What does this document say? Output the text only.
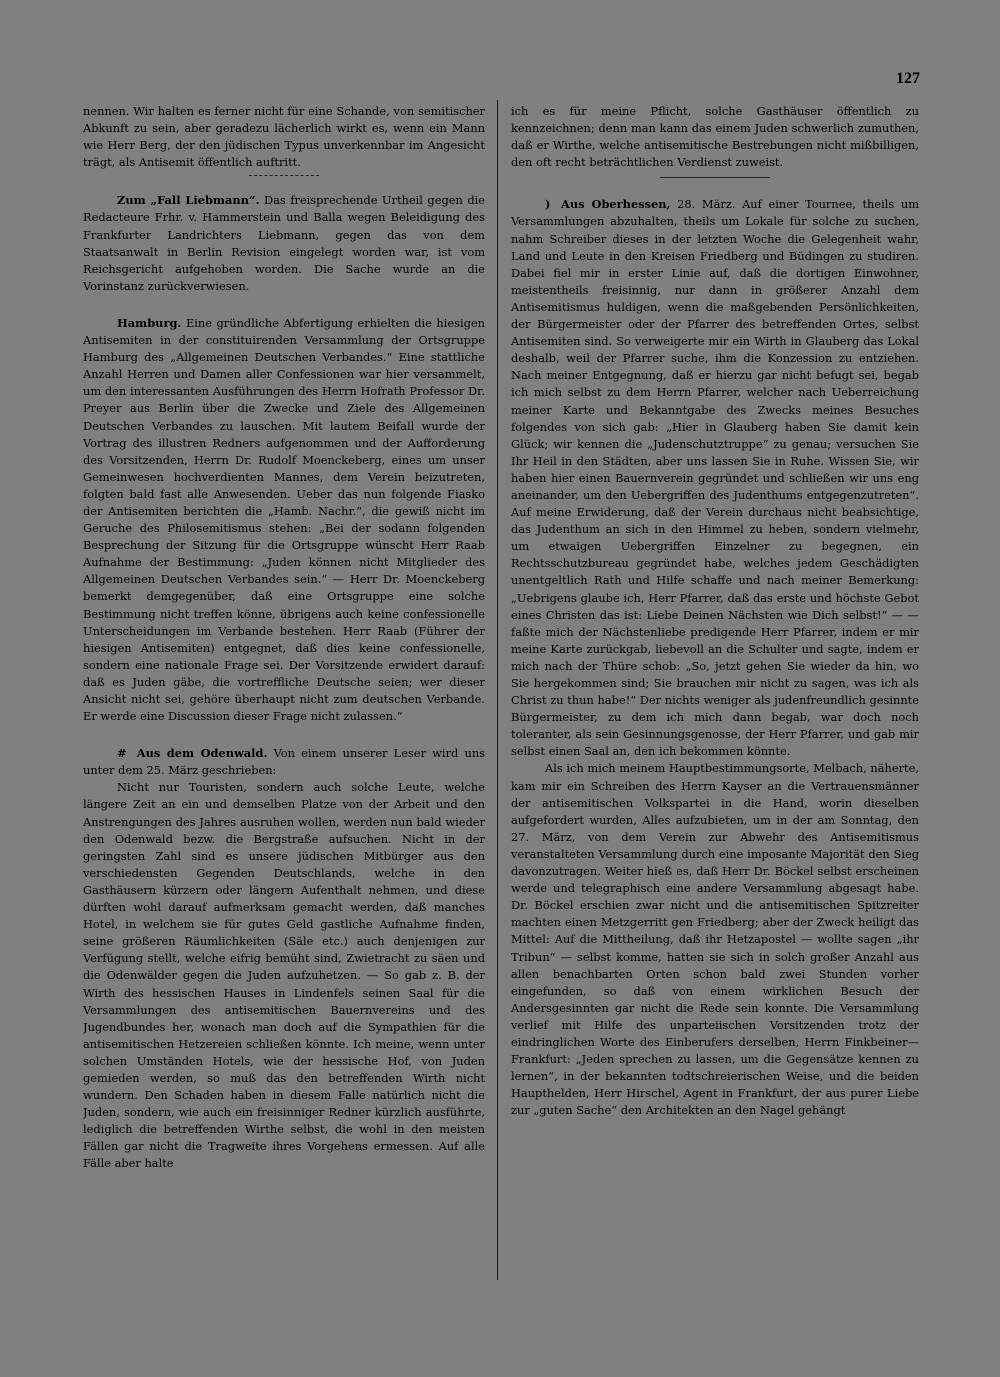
127

nennen. Wir halten es ferner nicht für eine Schande, von semitischer Abkunft zu sein, aber geradezu lächerlich wirkt es, wenn ein Mann wie Herr Berg, der den jüdischen Typus unverkennbar im Angesicht trägt, als Antisemit öffentlich auftritt.

Zum „Fall Liebmann“. Das freisprechende Urtheil gegen die Redacteure Frhr. v. Hammerstein und Balla wegen Beleidigung des Frankfurter Landrichters Liebmann, gegen das von dem Staatsanwalt in Berlin Revision eingelegt worden war, ist vom Reichsgericht aufgehoben worden. Die Sache wurde an die Vorinstanz zurückverwiesen.

Hamburg. Eine gründliche Abfertigung erhielten die hiesigen Antisemiten in der constituirenden Versammlung der Ortsgruppe Hamburg des „Allgemeinen Deutschen Verbandes.“ Eine stattliche Anzahl Herren und Damen aller Confessionen war hier versammelt, um den interessanten Ausführungen des Herrn Hofrath Professor Dr. Preyer aus Berlin über die Zwecke und Ziele des Allgemeinen Deutschen Verbandes zu lauschen. Mit lautem Beifall wurde der Vortrag des illustren Redners aufgenommen und der Aufforderung des Vorsitzenden, Herrn Dr. Rudolf Moenckeberg, eines um unser Gemeinwesen hochverdienten Mannes, dem Verein beizutreten, folgten bald fast alle Anwesenden. Ueber das nun folgende Fiasko der Antisemiten berichten die „Hamb. Nachr.“, die gewiß nicht im Geruche des Philosemitismus stehen: „Bei der sodann folgenden Besprechung der Sitzung für die Ortsgruppe wünscht Herr Raab Aufnahme der Bestimmung: „Juden können nicht Mitglieder des Allgemeinen Deutschen Verbandes sein.“ — Herr Dr. Moenckeberg bemerkt demgegenüber, daß eine Ortsgruppe eine solche Bestimmung nicht treffen könne, übrigens auch keine confessionelle Unterscheidungen im Verbande bestehen. Herr Raab (Führer der hiesigen Antisemiten) entgegnet, daß dies keine confessionelle, sondern eine nationale Frage sei. Der Vorsitzende erwidert darauf: daß es Juden gäbe, die vortreffliche Deutsche seien; wer dieser Ansicht nicht sei, gehöre überhaupt nicht zum deutschen Verbande. Er werde eine Discussion dieser Frage nicht zulassen.“

# Aus dem Odenwald. Von einem unserer Leser wird uns unter dem 25. März geschrieben:

Nicht nur Touristen, sondern auch solche Leute, welche längere Zeit an ein und demselben Platze von der Arbeit und den Anstrengungen des Jahres ausruhen wollen, werden nun bald wieder den Odenwald bezw. die Bergstraße aufsuchen. Nicht in der geringsten Zahl sind es unsere jüdischen Mitbürger aus den verschiedensten Gegenden Deutschlands, welche in den Gasthäusern kürzern oder längern Aufenthalt nehmen, und diese dürften wohl darauf aufmerksam gemacht werden, daß manches Hotel, in welchem sie für gutes Geld gastliche Aufnahme finden, seine größeren Räumlichkeiten (Säle etc.) auch denjenigen zur Verfügung stellt, welche eifrig bemüht sind, Zwietracht zu säen und die Odenwälder gegen die Juden aufzuhetzen. — So gab z. B. der Wirth des hessischen Hauses in Lindenfels seinen Saal für die Versammlungen des antisemitischen Bauernvereins und des Jugendbundes her, wonach man doch auf die Sympathien für die antisemitischen Hetzereien schließen könnte. Ich meine, wenn unter solchen Umständen Hotels, wie der hessische Hof, von Juden gemieden werden, so muß das den betreffenden Wirth nicht wundern. Den Schaden haben in diesem Falle natürlich nicht die Juden, sondern, wie auch ein freisinniger Redner kürzlich ausführte, lediglich die betreffenden Wirthe selbst, die wohl in den meisten Fällen gar nicht die Tragweite ihres Vorgehens ermessen. Auf alle Fälle aber halte

ich es für meine Pflicht, solche Gasthäuser öffentlich zu kennzeichnen; denn man kann das einem Juden schwerlich zumuthen, daß er Wirthe, welche antisemitische Bestrebungen nicht mißbilligen, den oft recht beträchtlichen Verdienst zuweist.

) Aus Oberhessen, 28. März. Auf einer Tournee, theils um Versammlungen abzuhalten, theils um Lokale für solche zu suchen, nahm Schreiber dieses in der letzten Woche die Gelegenheit wahr, Land und Leute in den Kreisen Friedberg und Büdingen zu studiren. Dabei fiel mir in erster Linie auf, daß die dortigen Einwohner, meistentheils freisinnig, nur dann in größerer Anzahl dem Antisemitismus huldigen, wenn die maßgebenden Persönlichkeiten, der Bürgermeister oder der Pfarrer des betreffenden Ortes, selbst Antisemiten sind. So verweigerte mir ein Wirth in Glauberg das Lokal deshalb, weil der Pfarrer suche, ihm die Konzession zu entziehen. Nach meiner Entgegnung, daß er hierzu gar nicht befugt sei, begab ich mich selbst zu dem Herrn Pfarrer, welcher nach Ueberreichung meiner Karte und Bekanntgabe des Zwecks meines Besuches folgendes von sich gab: „Hier in Glauberg haben Sie damit kein Glück; wir kennen die „Judenschutztruppe“ zu genau; versuchen Sie Ihr Heil in den Städten, aber uns lassen Sie in Ruhe. Wissen Sie, wir haben hier einen Bauernverein gegründet und schließen wir uns eng aneinander, um den Uebergriffen des Judenthums entgegenzutreten“. Auf meine Erwiderung, daß der Verein durchaus nicht beabsichtige, das Judenthum an sich in den Himmel zu heben, sondern vielmehr, um etwaigen Uebergriffen Einzelner zu begegnen, ein Rechtsschutzbureau gegründet habe, welches jedem Geschädigten unentgeltlich Rath und Hilfe schaffe und nach meiner Bemerkung: „Uebrigens glaube ich, Herr Pfarrer, daß das erste und höchste Gebot eines Christen das ist: Liebe Deinen Nächsten wie Dich selbst!“ — — faßte mich der Nächstenliebe predigende Herr Pfarrer, indem er mir meine Karte zurückgab, liebevoll an die Schulter und sagte, indem er mich nach der Thüre schob: „So, jetzt gehen Sie wieder da hin, wo Sie hergekommen sind; Sie brauchen mir nicht zu sagen, was ich als Christ zu thun habe!“ Der nichts weniger als judenfreundlich gesinnte Bürgermeister, zu dem ich mich dann begab, war doch noch toleranter, als sein Gesinnungsgenosse, der Herr Pfarrer, und gab mir selbst einen Saal an, den ich bekommen könnte.

Als ich mich meinem Hauptbestimmungsorte, Melbach, näherte, kam mir ein Schreiben des Herrn Kayser an die Vertrauensmänner der antisemitischen Volkspartei in die Hand, worin dieselben aufgefordert wurden, Alles aufzubieten, um in der am Sonntag, den 27. März, von dem Verein zur Abwehr des Antisemitismus veranstalteten Versammlung durch eine imposante Majorität den Sieg davonzutragen. Weiter hieß es, daß Herr Dr. Böckel selbst erscheinen werde und telegraphisch eine andere Versammlung abgesagt habe. Dr. Böckel erschien zwar nicht und die antisemitischen Spitzreiter machten einen Metzgerritt gen Friedberg; aber der Zweck heiligt das Mittel: Auf die Mittheilung, daß ihr Hetzapostel — wollte sagen „ihr Tribun“ — selbst komme, hatten sie sich in solch großer Anzahl aus allen benachbarten Orten schon bald zwei Stunden vorher eingefunden, so daß von einem wirklichen Besuch der Andersgesinnten gar nicht die Rede sein konnte. Die Versammlung verlief mit Hilfe des unparteiischen Vorsitzenden trotz der eindringlichen Worte des Einberufers derselben, Herrn Finkbeiner—Frankfurt: „Jeden sprechen zu lassen, um die Gegensätze kennen zu lernen“, in der bekannten todtschreierischen Weise, und die beiden Haupthelden, Herr Hirschel, Agent in Frankfurt, der aus purer Liebe zur „guten Sache“ den Architekten an den Nagel gehängt
